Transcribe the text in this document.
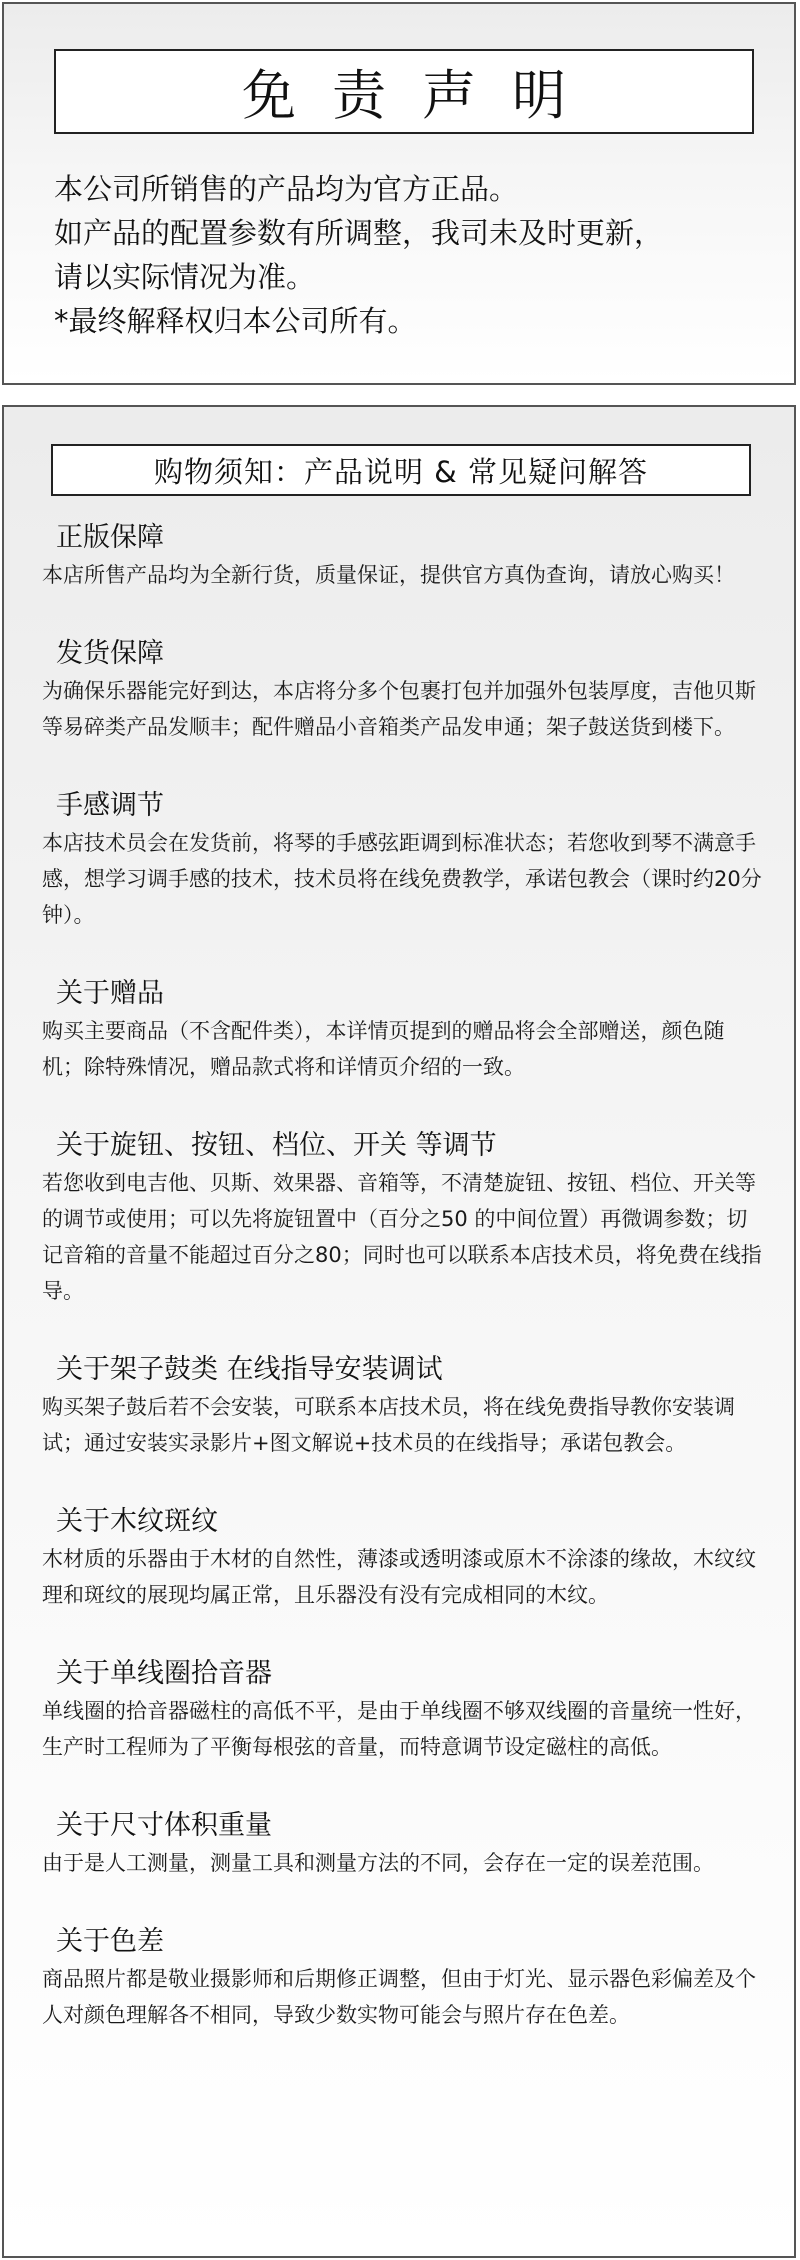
免责声明
本公司所销售的产品均为官方正品。
如产品的配置参数有所调整，我司未及时更新，
请以实际情况为准。
*最终解释权归本公司所有。
购物须知：产品说明 & 常见疑问解答
正版保障
本店所售产品均为全新行货，质量保证，提供官方真伪查询，请放心购买！
发货保障
为确保乐器能完好到达，本店将分多个包裹打包并加强外包装厚度，吉他贝斯等易碎类产品发顺丰；配件赠品小音箱类产品发申通；架子鼓送货到楼下。
手感调节
本店技术员会在发货前，将琴的手感弦距调到标准状态；若您收到琴不满意手感，想学习调手感的技术，技术员将在线免费教学，承诺包教会（课时约20分钟）。
关于赠品
购买主要商品（不含配件类），本详情页提到的赠品将会全部赠送，颜色随机；除特殊情况，赠品款式将和详情页介绍的一致。
关于旋钮、按钮、档位、开关 等调节
若您收到电吉他、贝斯、效果器、音箱等，不清楚旋钮、按钮、档位、开关等的调节或使用；可以先将旋钮置中（百分之50 的中间位置）再微调参数；切记音箱的音量不能超过百分之80；同时也可以联系本店技术员，将免费在线指导。
关于架子鼓类 在线指导安装调试
购买架子鼓后若不会安装，可联系本店技术员，将在线免费指导教你安装调试；通过安装实录影片+图文解说+技术员的在线指导；承诺包教会。
关于木纹斑纹
木材质的乐器由于木材的自然性，薄漆或透明漆或原木不涂漆的缘故，木纹纹理和斑纹的展现均属正常，且乐器没有没有完成相同的木纹。
关于单线圈拾音器
单线圈的拾音器磁柱的高低不平，是由于单线圈不够双线圈的音量统一性好，生产时工程师为了平衡每根弦的音量，而特意调节设定磁柱的高低。
关于尺寸体积重量
由于是人工测量，测量工具和测量方法的不同，会存在一定的误差范围。
关于色差
商品照片都是敬业摄影师和后期修正调整，但由于灯光、显示器色彩偏差及个人对颜色理解各不相同，导致少数实物可能会与照片存在色差。
